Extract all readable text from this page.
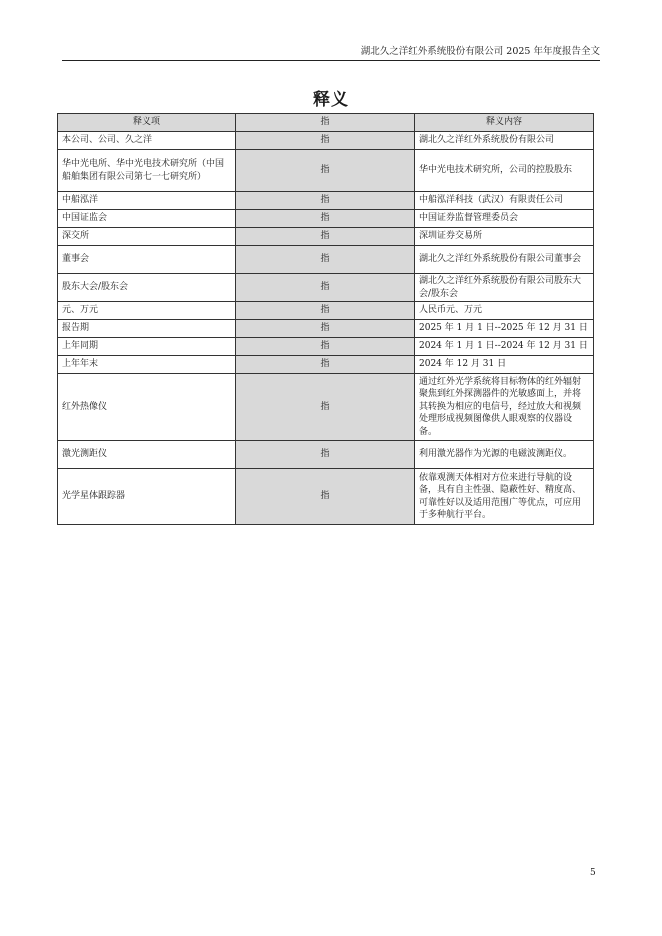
湖北久之洋红外系统股份有限公司 2025 年年度报告全文
释义
释义项	指	释义内容
本公司、公司、久之洋	指	湖北久之洋红外系统股份有限公司
华中光电所、华中光电技术研究所（中国船舶集团有限公司第七一七研究所）	指	华中光电技术研究所，公司的控股股东
中船泓洋	指	中船泓洋科技（武汉）有限责任公司
中国证监会	指	中国证券监督管理委员会
深交所	指	深圳证券交易所
董事会	指	湖北久之洋红外系统股份有限公司董事会
股东大会/股东会	指	湖北久之洋红外系统股份有限公司股东大会/股东会
元、万元	指	人民币元、万元
报告期	指	2025 年 1 月 1 日--2025 年 12 月 31 日
上年同期	指	2024 年 1 月 1 日--2024 年 12 月 31 日
上年年末	指	2024 年 12 月 31 日
红外热像仪	指	通过红外光学系统将目标物体的红外辐射聚焦到红外探测器件的光敏感面上，并将其转换为相应的电信号，经过放大和视频处理形成视频图像供人眼观察的仪器设备。
激光测距仪	指	利用激光器作为光源的电磁波测距仪。
光学星体跟踪器	指	依靠观测天体相对方位来进行导航的设备，具有自主性强、隐蔽性好、精度高、可靠性好以及适用范围广等优点，可应用于多种航行平台。
5
